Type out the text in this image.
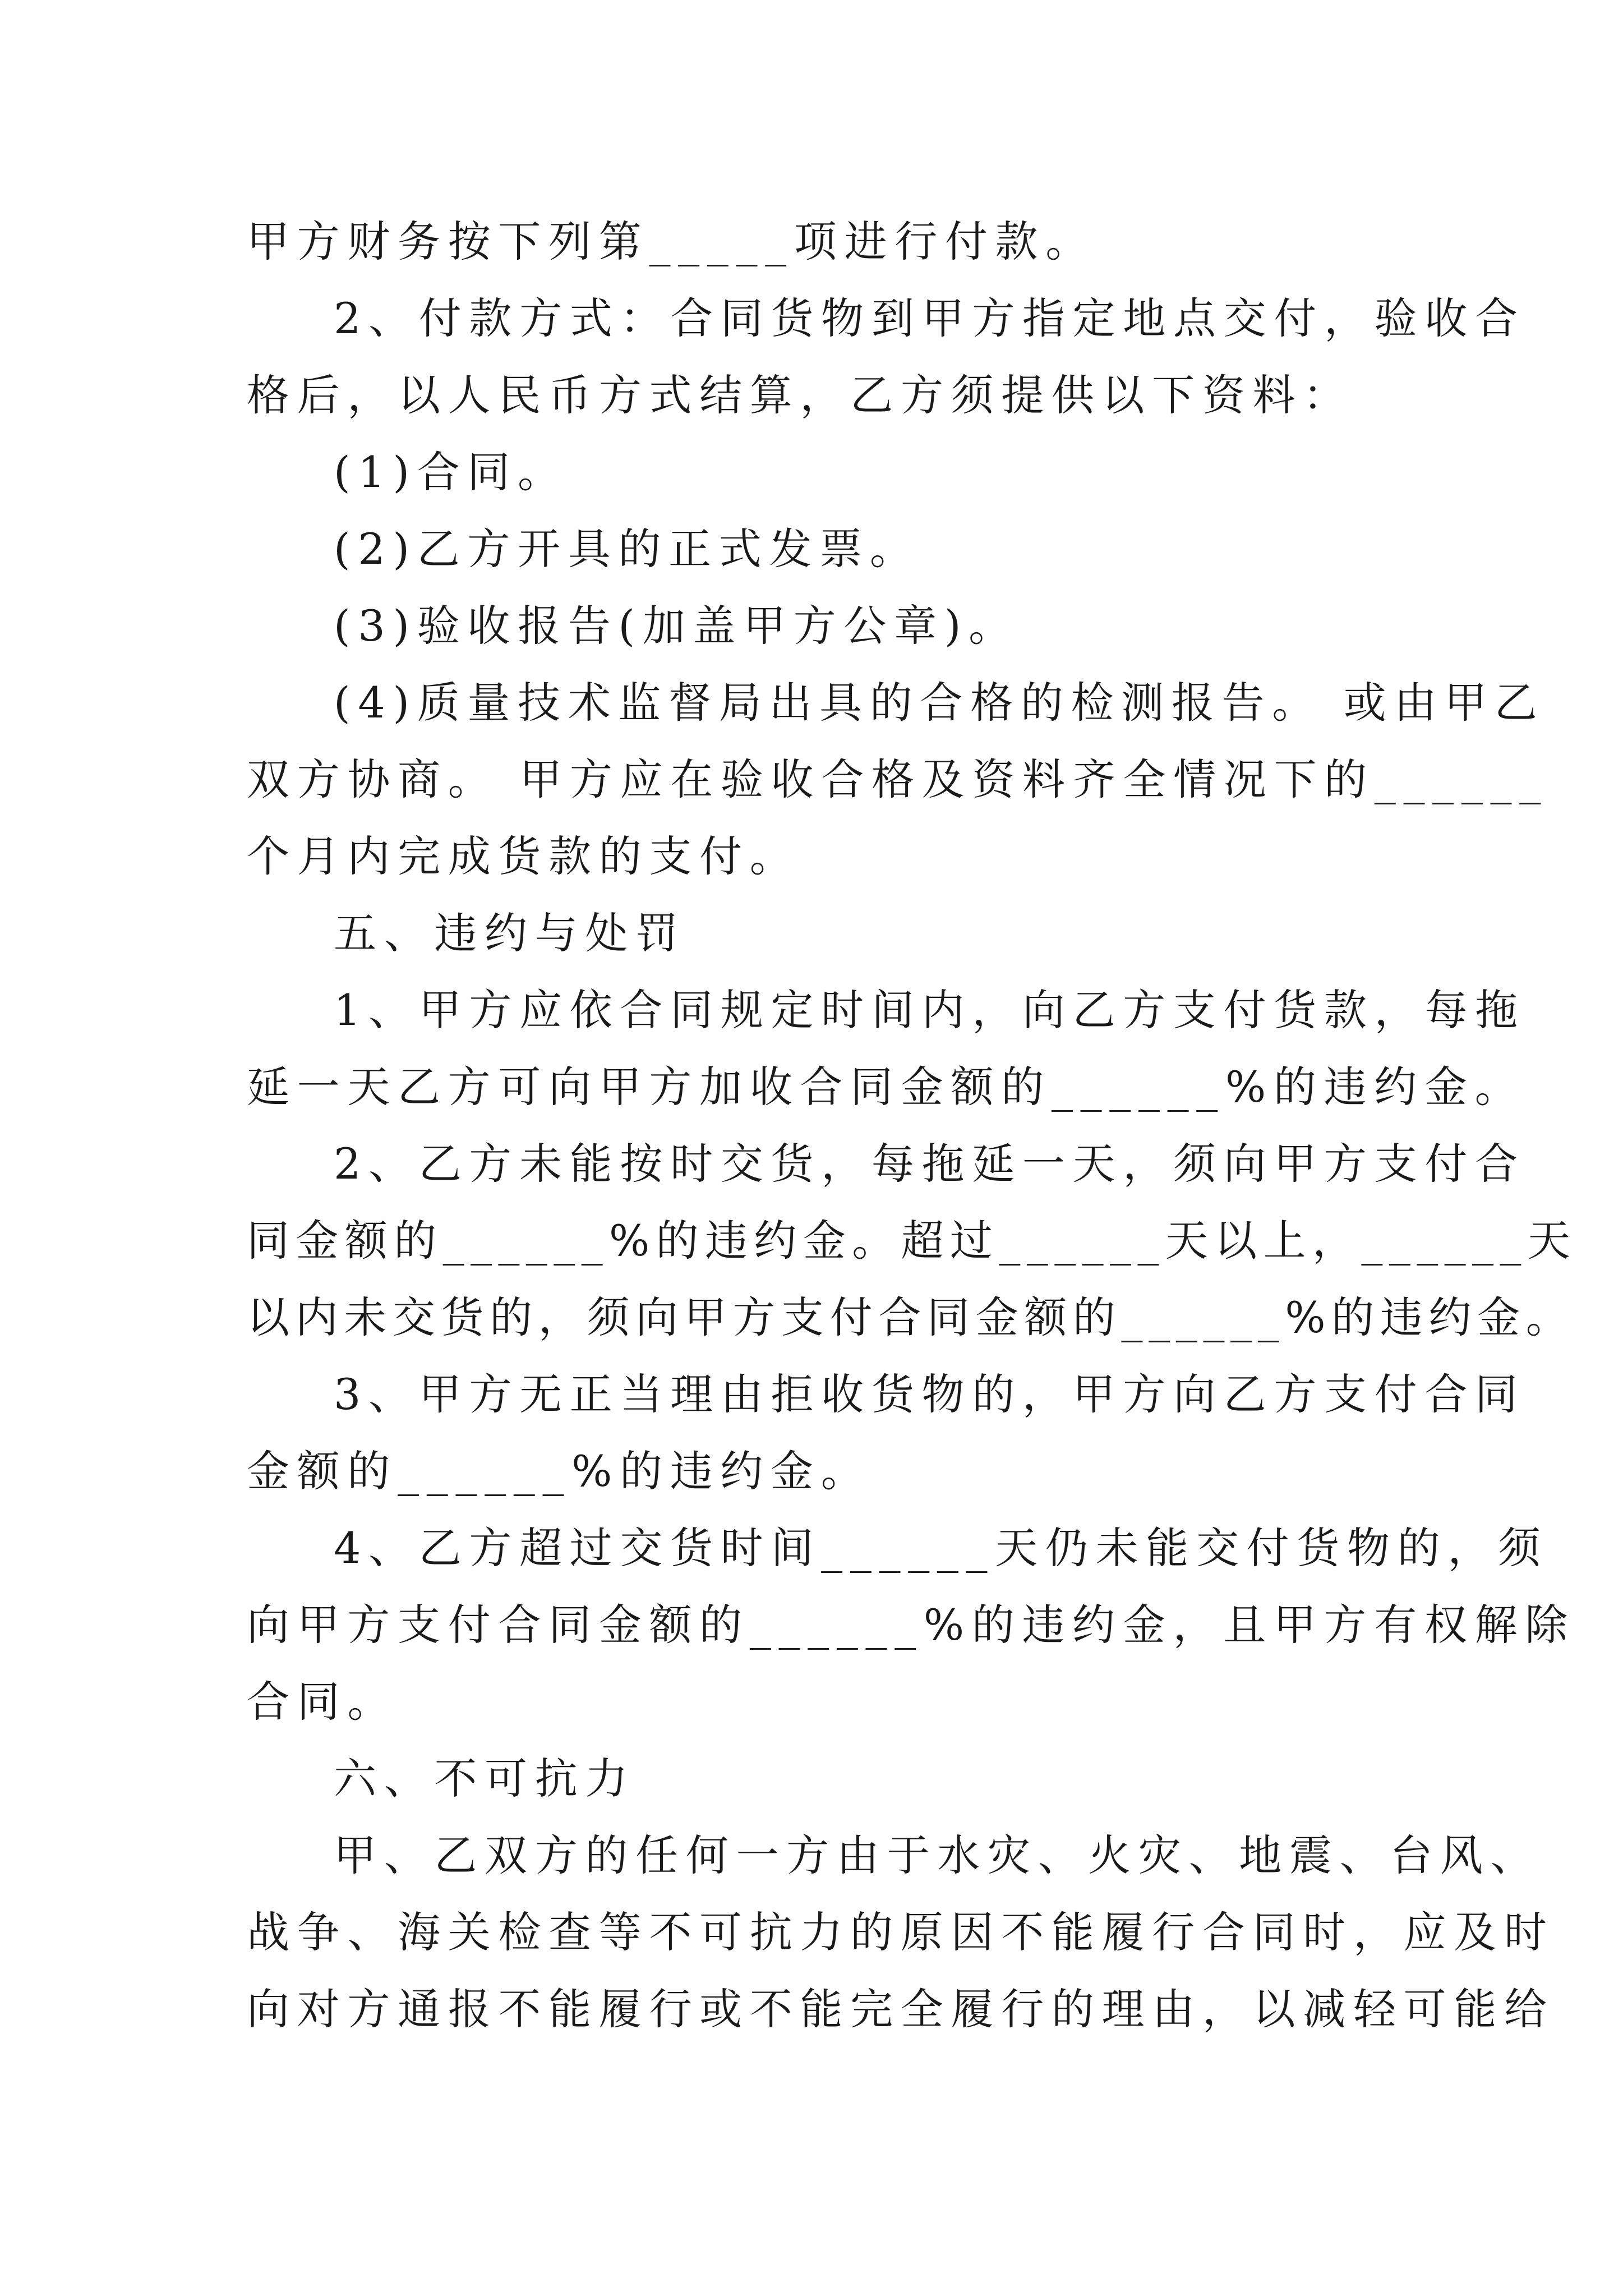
甲方财务按下列第_____项进行付款。
2、付款方式：合同货物到甲方指定地点交付，验收合
格后，以人民币方式结算，乙方须提供以下资料：
(1)合同。
(2)乙方开具的正式发票。
(3)验收报告(加盖甲方公章)。
(4)质量技术监督局出具的合格的检测报告。 或由甲乙
双方协商。 甲方应在验收合格及资料齐全情况下的______
个月内完成货款的支付。
五、违约与处罚
1、甲方应依合同规定时间内，向乙方支付货款，每拖
延一天乙方可向甲方加收合同金额的______%的违约金。
2、乙方未能按时交货，每拖延一天，须向甲方支付合
同金额的______%的违约金。超过______天以上，______天
以内未交货的，须向甲方支付合同金额的______%的违约金。
3、甲方无正当理由拒收货物的，甲方向乙方支付合同
金额的______%的违约金。
4、乙方超过交货时间______天仍未能交付货物的，须
向甲方支付合同金额的______%的违约金，且甲方有权解除
合同。
六、不可抗力
甲、乙双方的任何一方由于水灾、火灾、地震、台风、
战争、海关检查等不可抗力的原因不能履行合同时，应及时
向对方通报不能履行或不能完全履行的理由，以减轻可能给
